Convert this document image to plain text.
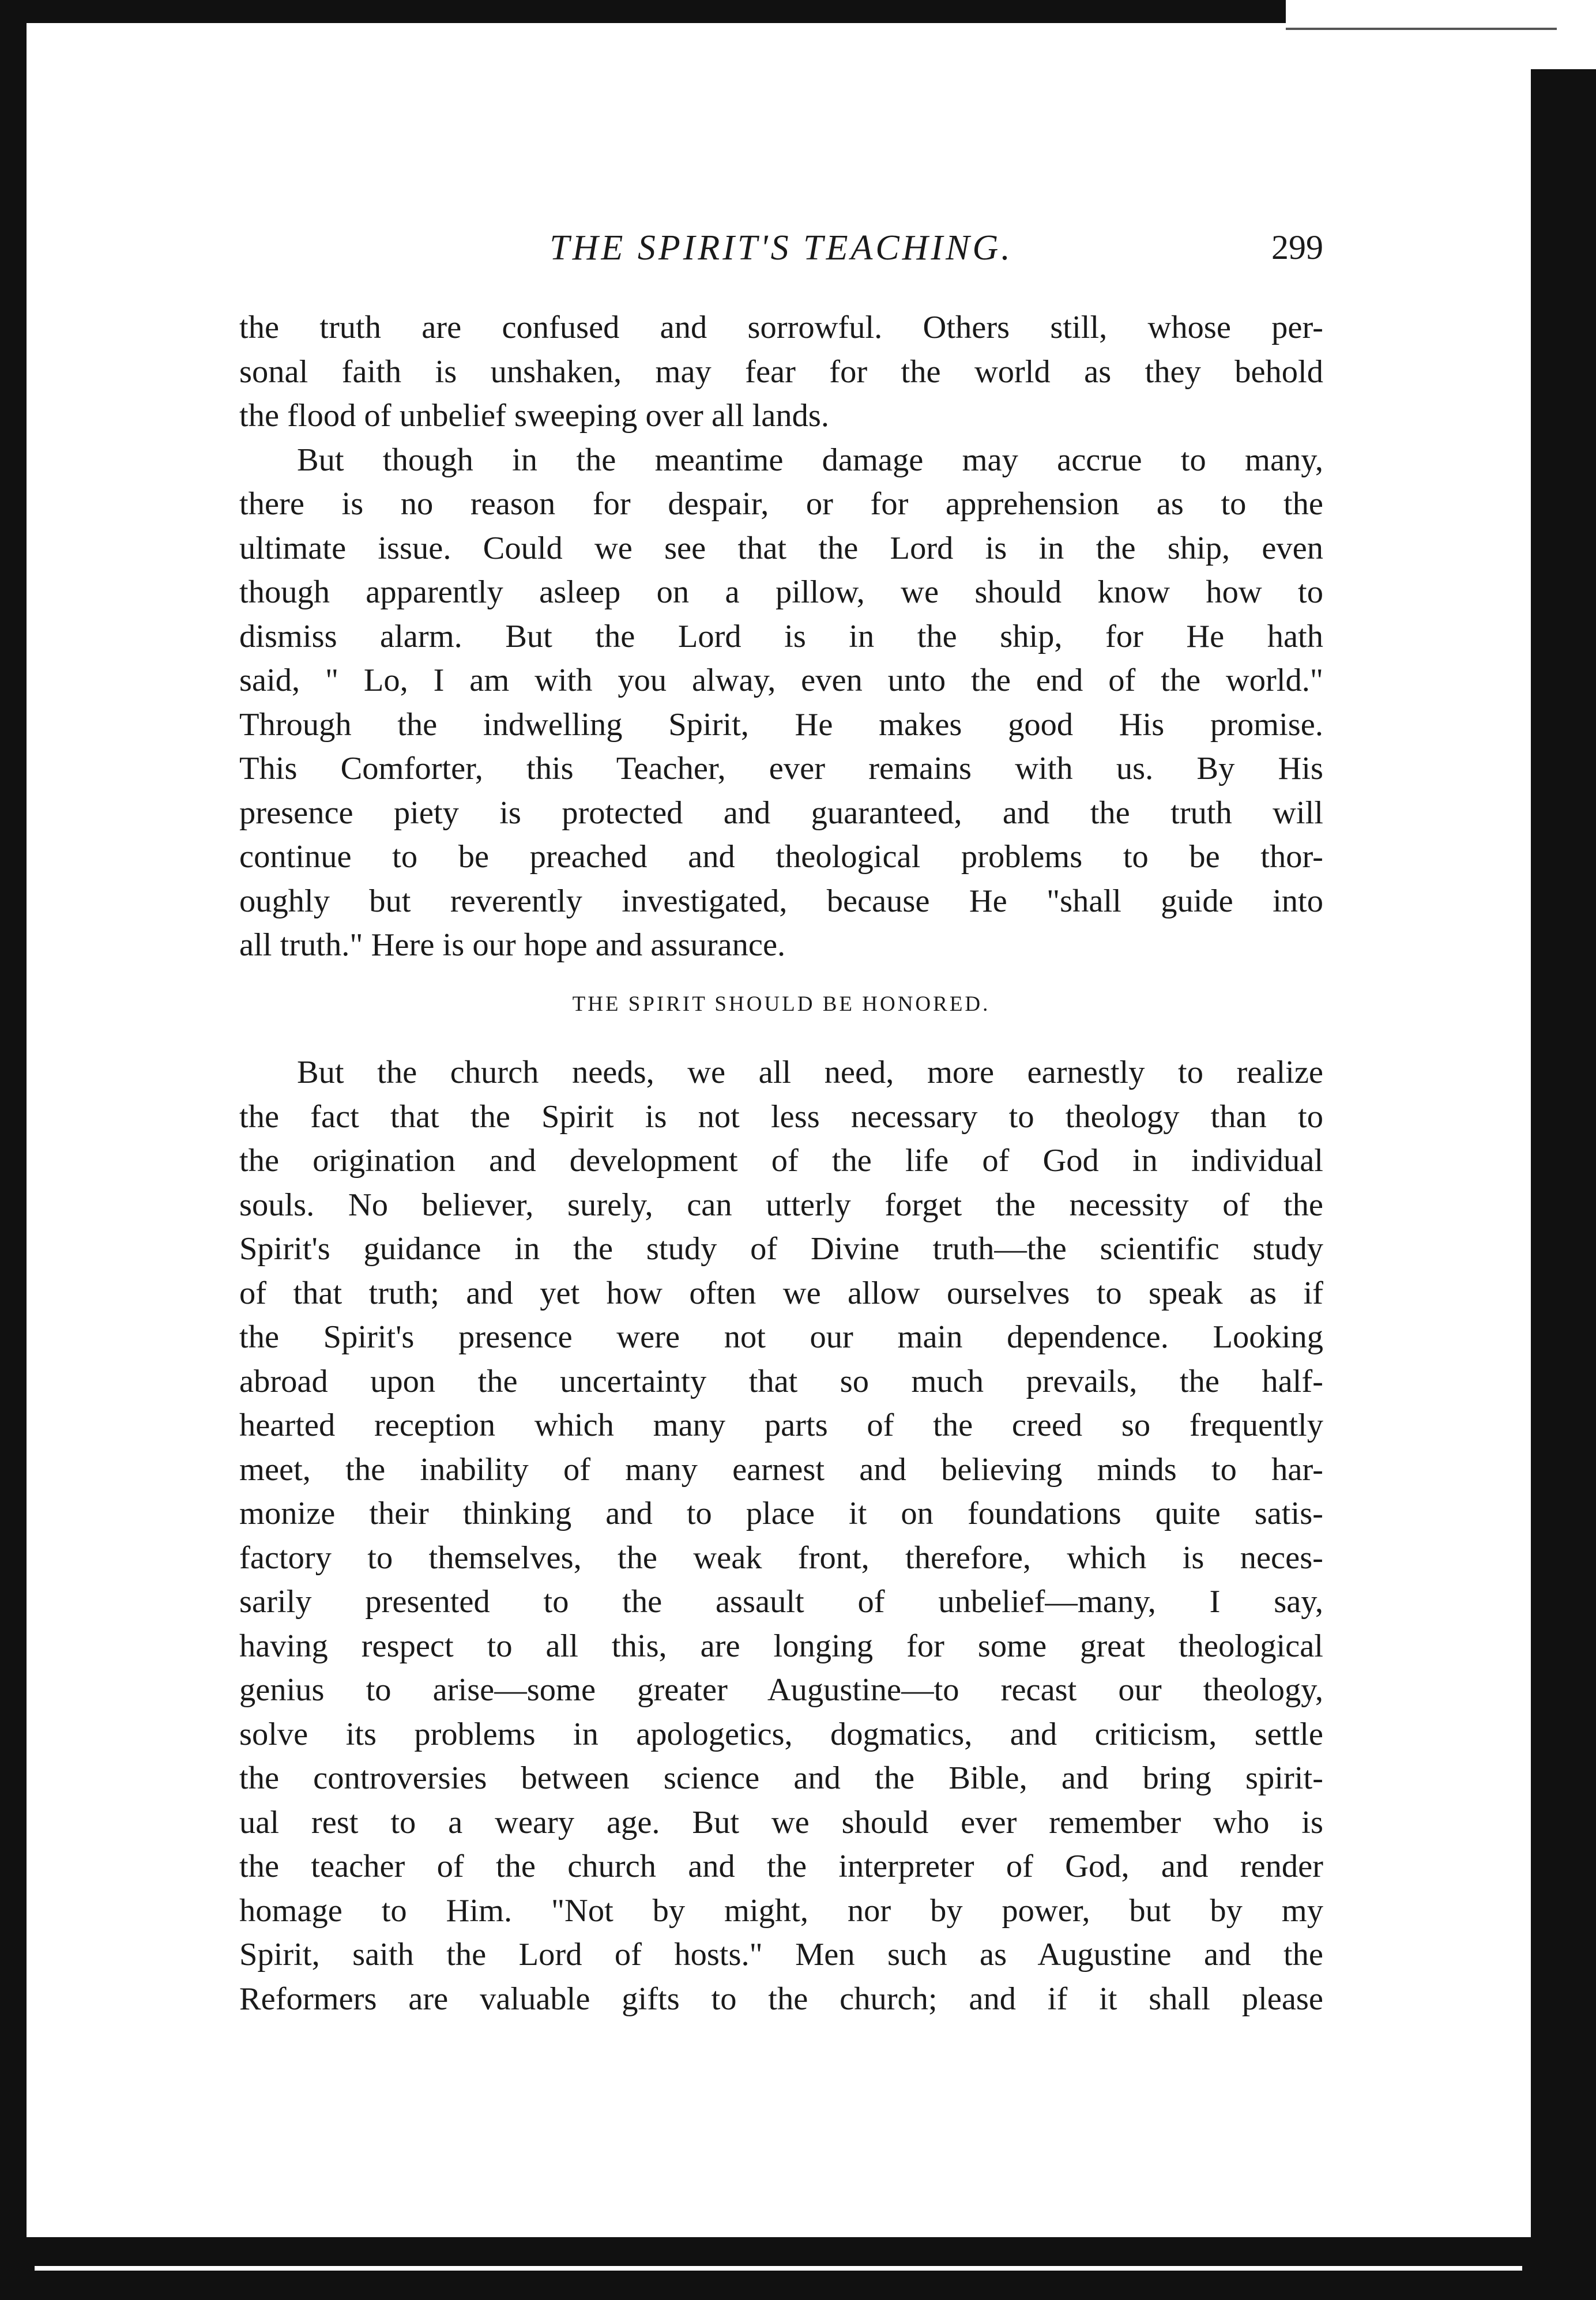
THE SPIRIT'S TEACHING.	299
the truth are confused and sorrowful. Others still, whose per-
sonal faith is unshaken, may fear for the world as they behold
the flood of unbelief sweeping over all lands.
But though in the meantime damage may accrue to many,
there is no reason for despair, or for apprehension as to the
ultimate issue. Could we see that the Lord is in the ship, even
though apparently asleep on a pillow, we should know how to
dismiss alarm. But the Lord is in the ship, for He hath
said, " Lo, I am with you alway, even unto the end of the world."
Through the indwelling Spirit, He makes good His promise.
This Comforter, this Teacher, ever remains with us. By His
presence piety is protected and guaranteed, and the truth will
continue to be preached and theological problems to be thor-
oughly but reverently investigated, because He "shall guide into
all truth." Here is our hope and assurance.
THE SPIRIT SHOULD BE HONORED.
But the church needs, we all need, more earnestly to realize
the fact that the Spirit is not less necessary to theology than to
the origination and development of the life of God in individual
souls. No believer, surely, can utterly forget the necessity of the
Spirit's guidance in the study of Divine truth—the scientific study
of that truth; and yet how often we allow ourselves to speak as if
the Spirit's presence were not our main dependence. Looking
abroad upon the uncertainty that so much prevails, the half-
hearted reception which many parts of the creed so frequently
meet, the inability of many earnest and believing minds to har-
monize their thinking and to place it on foundations quite satis-
factory to themselves, the weak front, therefore, which is neces-
sarily presented to the assault of unbelief—many, I say,
having respect to all this, are longing for some great theological
genius to arise—some greater Augustine—to recast our theology,
solve its problems in apologetics, dogmatics, and criticism, settle
the controversies between science and the Bible, and bring spirit-
ual rest to a weary age. But we should ever remember who is
the teacher of the church and the interpreter of God, and render
homage to Him. "Not by might, nor by power, but by my
Spirit, saith the Lord of hosts." Men such as Augustine and the
Reformers are valuable gifts to the church; and if it shall please
